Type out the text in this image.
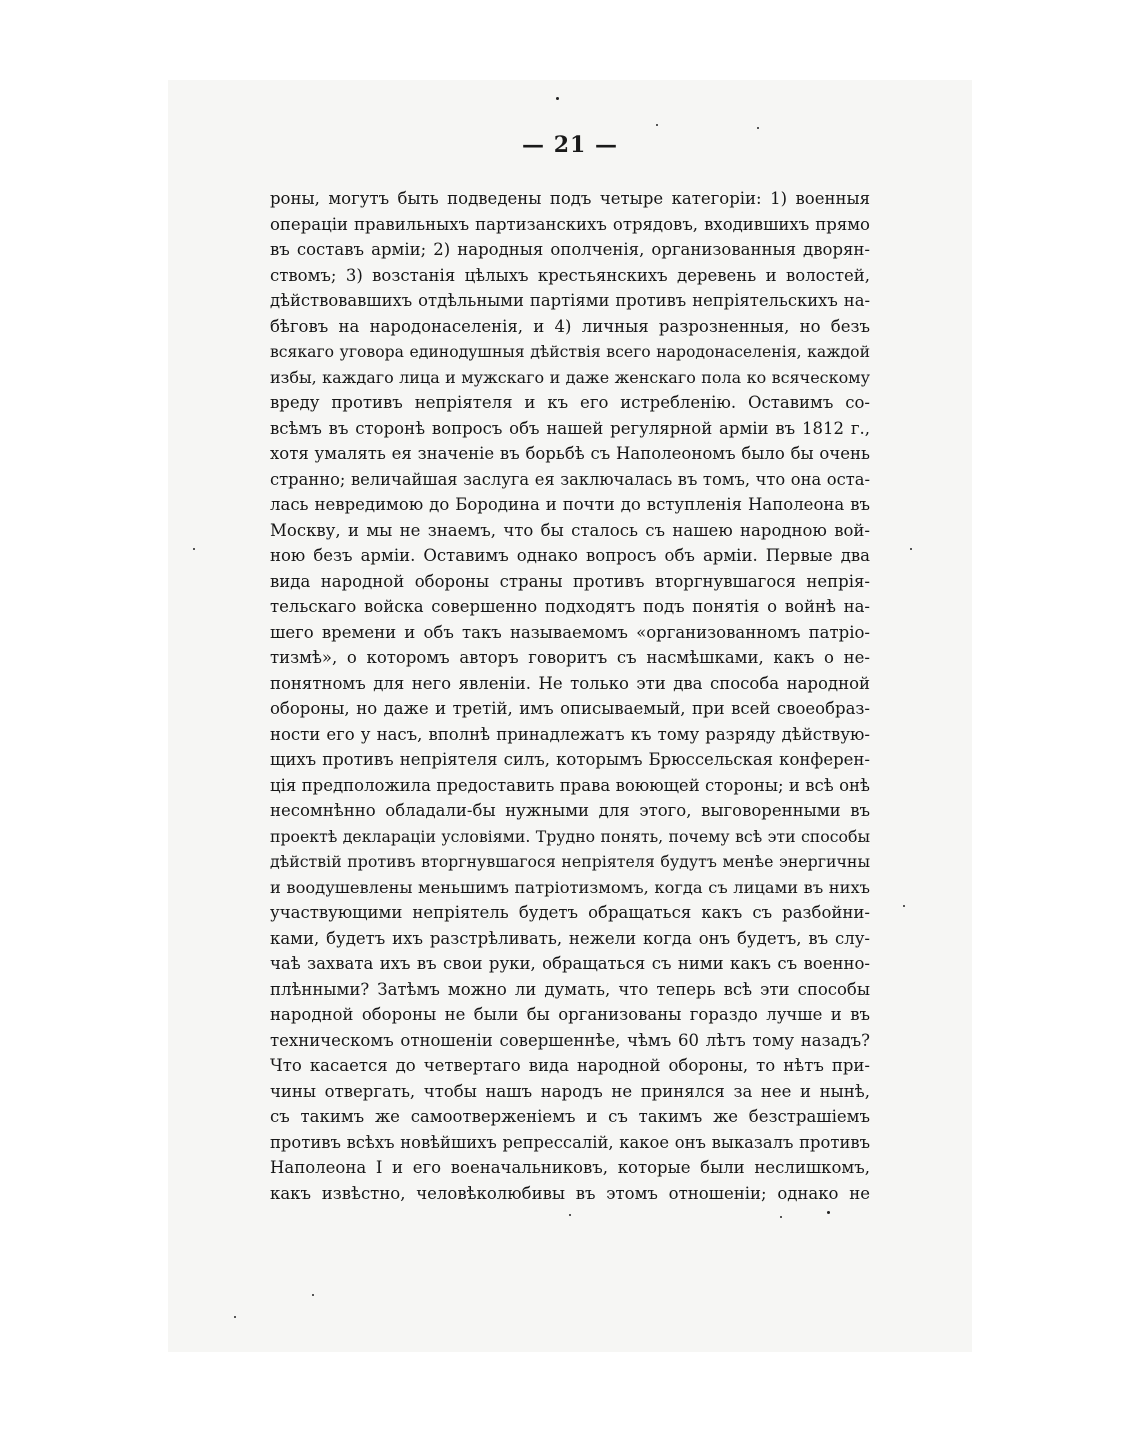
— 21 —
роны, могутъ быть подведены подъ четыре категоріи: 1) военныя
операціи правильныхъ партизанскихъ отрядовъ, входившихъ прямо
въ составъ арміи; 2) народныя ополченія, организованныя дворян-
ствомъ; 3) возстанія цѣлыхъ крестьянскихъ деревень и волостей,
дѣйствовавшихъ отдѣльными партіями противъ непріятельскихъ на-
бѣговъ на народонаселенія, и 4) личныя разрозненныя, но безъ
всякаго уговора единодушныя дѣйствія всего народонаселенія, каждой
избы, каждаго лица и мужскаго и даже женскаго пола ко всяческому
вреду противъ непріятеля и къ его истребленію. Оставимъ со-
всѣмъ въ сторонѣ вопросъ объ нашей регулярной арміи въ 1812 г.,
хотя умалять ея значеніе въ борьбѣ съ Наполеономъ было бы очень
странно; величайшая заслуга ея заключалась въ томъ, что она оста-
лась невредимою до Бородина и почти до вступленія Наполеона въ
Москву, и мы не знаемъ, что бы сталось съ нашею народною вой-
ною безъ арміи. Оставимъ однако вопросъ объ арміи. Первые два
вида народной обороны страны противъ вторгнувшагося непрія-
тельскаго войска совершенно подходятъ подъ понятія о войнѣ на-
шего времени и объ такъ называемомъ «организованномъ патріо-
тизмѣ», о которомъ авторъ говоритъ съ насмѣшками, какъ о не-
понятномъ для него явленіи. Не только эти два способа народной
обороны, но даже и третій, имъ описываемый, при всей своеобраз-
ности его у насъ, вполнѣ принадлежатъ къ тому разряду дѣйствую-
щихъ противъ непріятеля силъ, которымъ Брюссельская конферен-
ція предположила предоставить права воюющей стороны; и всѣ онѣ
несомнѣнно обладали-бы нужными для этого, выговоренными въ
проектѣ деклараціи условіями. Трудно понять, почему всѣ эти способы
дѣйствій противъ вторгнувшагося непріятеля будутъ менѣе энергичны
и воодушевлены меньшимъ патріотизмомъ, когда съ лицами въ нихъ
участвующими непріятель будетъ обращаться какъ съ разбойни-
ками, будетъ ихъ разстрѣливать, нежели когда онъ будетъ, въ слу-
чаѣ захвата ихъ въ свои руки, обращаться съ ними какъ съ военно-
плѣнными? Затѣмъ можно ли думать, что теперь всѣ эти способы
народной обороны не были бы организованы гораздо лучше и въ
техническомъ отношеніи совершеннѣе, чѣмъ 60 лѣтъ тому назадъ?
Что касается до четвертаго вида народной обороны, то нѣтъ при-
чины отвергать, чтобы нашъ народъ не принялся за нее и нынѣ,
съ такимъ же самоотверженіемъ и съ такимъ же безстрашіемъ
противъ всѣхъ новѣйшихъ репрессалій, какое онъ выказалъ противъ
Наполеона I и его военачальниковъ, которые были неслишкомъ,
какъ извѣстно, человѣколюбивы въ этомъ отношеніи; однако не
